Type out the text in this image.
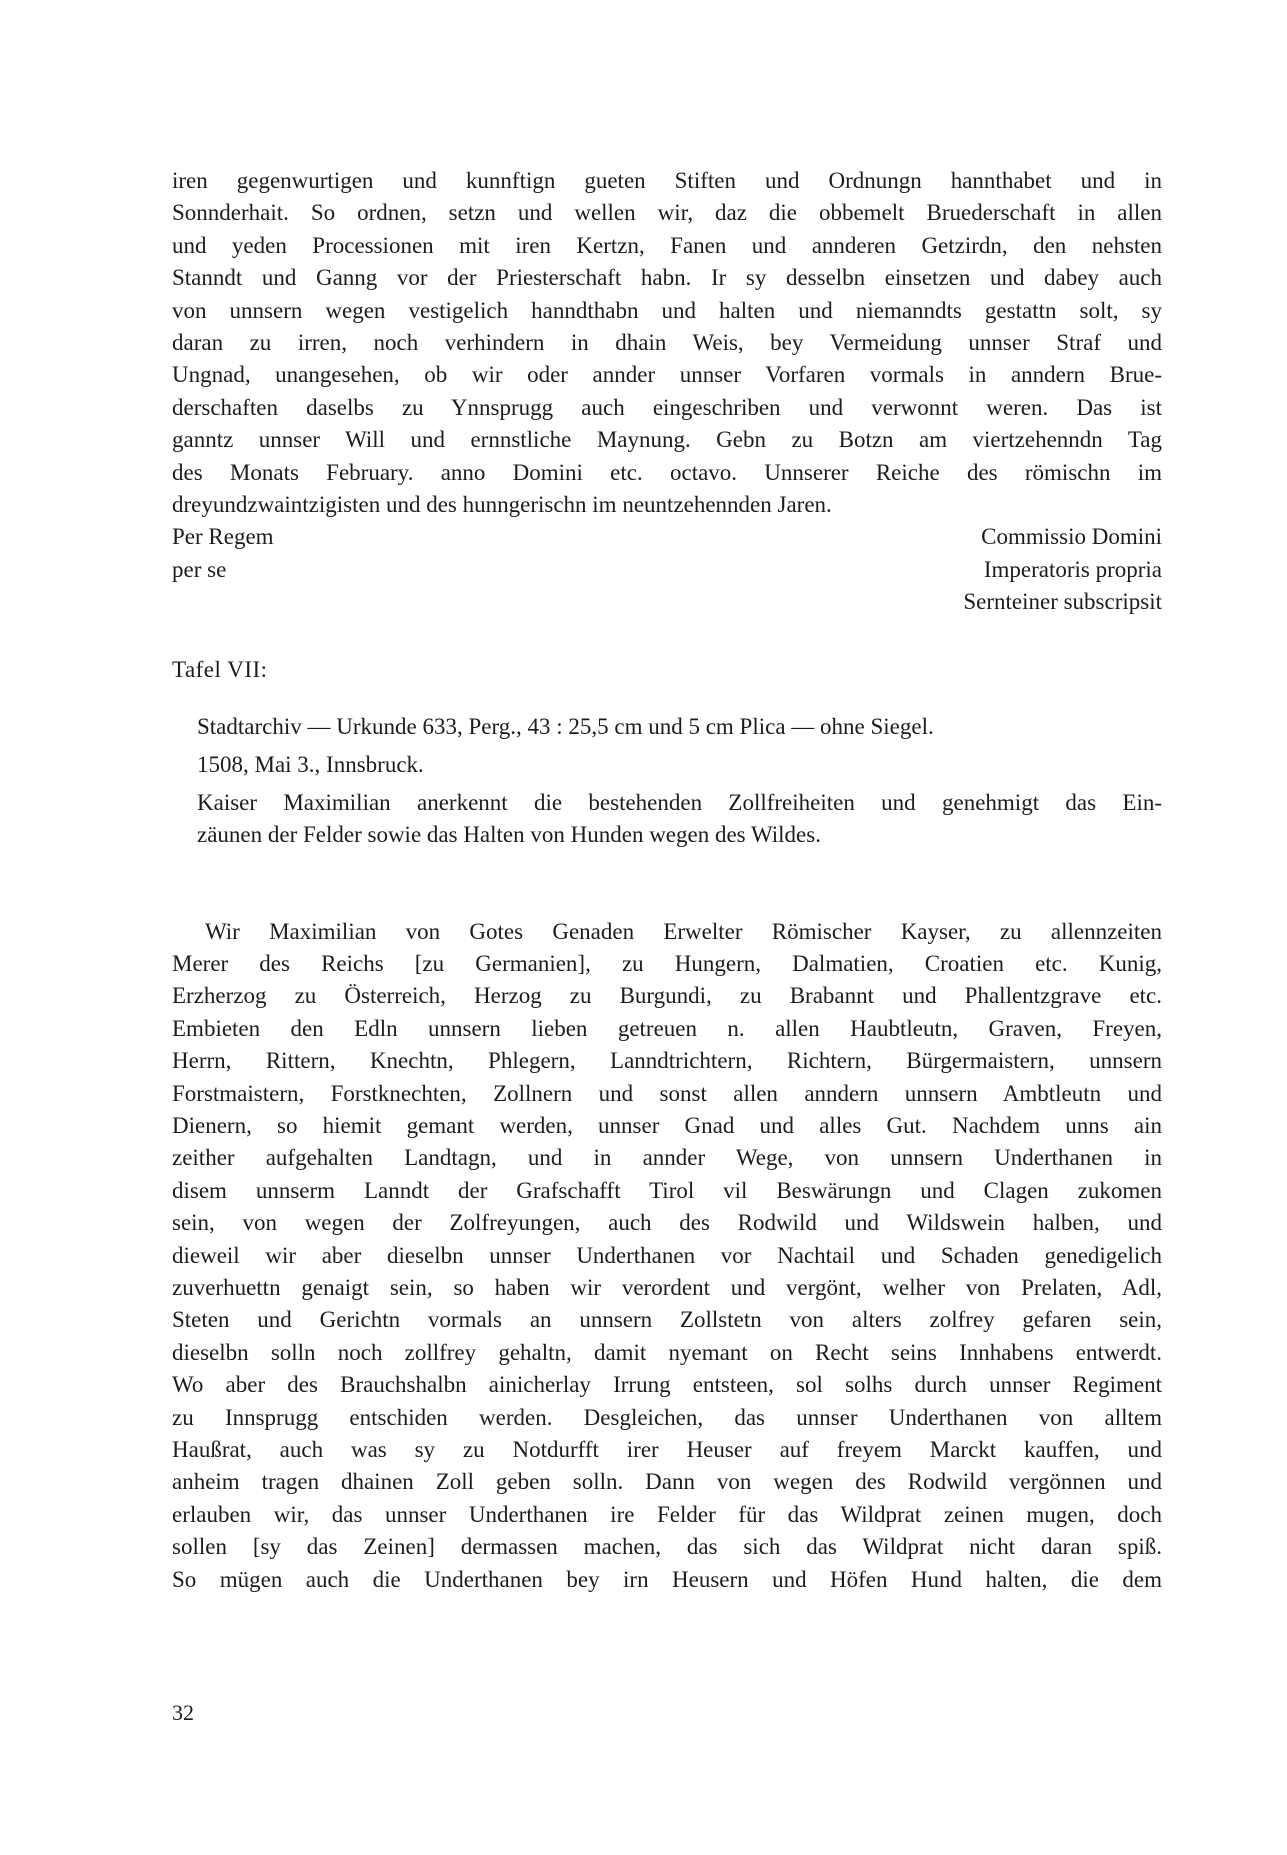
iren gegenwurtigen und kunnftign gueten Stiften und Ordnungn hannthabet und in
Sonnderhait. So ordnen, setzn und wellen wir, daz die obbemelt Bruederschaft in allen
und yeden Processionen mit iren Kertzn, Fanen und annderen Getzirdn, den nehsten
Stanndt und Ganng vor der Priesterschaft habn. Ir sy desselbn einsetzen und dabey auch
von unnsern wegen vestigelich hanndthabn und halten und niemanndts gestattn solt, sy
daran zu irren, noch verhindern in dhain Weis, bey Vermeidung unnser Straf und
Ungnad, unangesehen, ob wir oder annder unnser Vorfaren vormals in anndern Brue-
derschaften daselbs zu Ynnsprugg auch eingeschriben und verwonnt weren. Das ist
ganntz unnser Will und ernnstliche Maynung. Gebn zu Botzn am viertzehenndn Tag
des Monats February. anno Domini etc. octavo. Unnserer Reiche des römischn im
dreyundzwaintzigisten und des hunngerischn im neuntzehennden Jaren.
Per Regem	Commissio Domini
per se	Imperatoris propria
Sernteiner subscripsit
Tafel VII:

Stadtarchiv — Urkunde 633, Perg., 43 : 25,5 cm und 5 cm Plica — ohne Siegel.

1508, Mai 3., Innsbruck.

Kaiser Maximilian anerkennt die bestehenden Zollfreiheiten und genehmigt das Ein-
zäunen der Felder sowie das Halten von Hunden wegen des Wildes.

Wir Maximilian von Gotes Genaden Erwelter Römischer Kayser, zu allennzeiten
Merer des Reichs [zu Germanien], zu Hungern, Dalmatien, Croatien etc. Kunig,
Erzherzog zu Österreich, Herzog zu Burgundi, zu Brabannt und Phallentzgrave etc.
Embieten den Edln unnsern lieben getreuen n. allen Haubtleutn, Graven, Freyen,
Herrn, Rittern, Knechtn, Phlegern, Lanndtrichtern, Richtern, Bürgermaistern, unnsern
Forstmaistern, Forstknechten, Zollnern und sonst allen anndern unnsern Ambtleutn und
Dienern, so hiemit gemant werden, unnser Gnad und alles Gut. Nachdem unns ain
zeither aufgehalten Landtagn, und in annder Wege, von unnsern Underthanen in
disem unnserm Lanndt der Grafschafft Tirol vil Beswärungn und Clagen zukomen
sein, von wegen der Zolfreyungen, auch des Rodwild und Wildswein halben, und
dieweil wir aber dieselbn unnser Underthanen vor Nachtail und Schaden genedigelich
zuverhuettn genaigt sein, so haben wir verordent und vergönt, welher von Prelaten, Adl,
Steten und Gerichtn vormals an unnsern Zollstetn von alters zolfrey gefaren sein,
dieselbn solln noch zollfrey gehaltn, damit nyemant on Recht seins Innhabens entwerdt.
Wo aber des Brauchshalbn ainicherlay Irrung entsteen, sol solhs durch unnser Regiment
zu Innsprugg entschiden werden. Desgleichen, das unnser Underthanen von alltem
Haußrat, auch was sy zu Notdurfft irer Heuser auf freyem Marckt kauffen, und
anheim tragen dhainen Zoll geben solln. Dann von wegen des Rodwild vergönnen und
erlauben wir, das unnser Underthanen ire Felder für das Wildprat zeinen mugen, doch
sollen [sy das Zeinen] dermassen machen, das sich das Wildprat nicht daran spiß.
So mügen auch die Underthanen bey irn Heusern und Höfen Hund halten, die dem
32
